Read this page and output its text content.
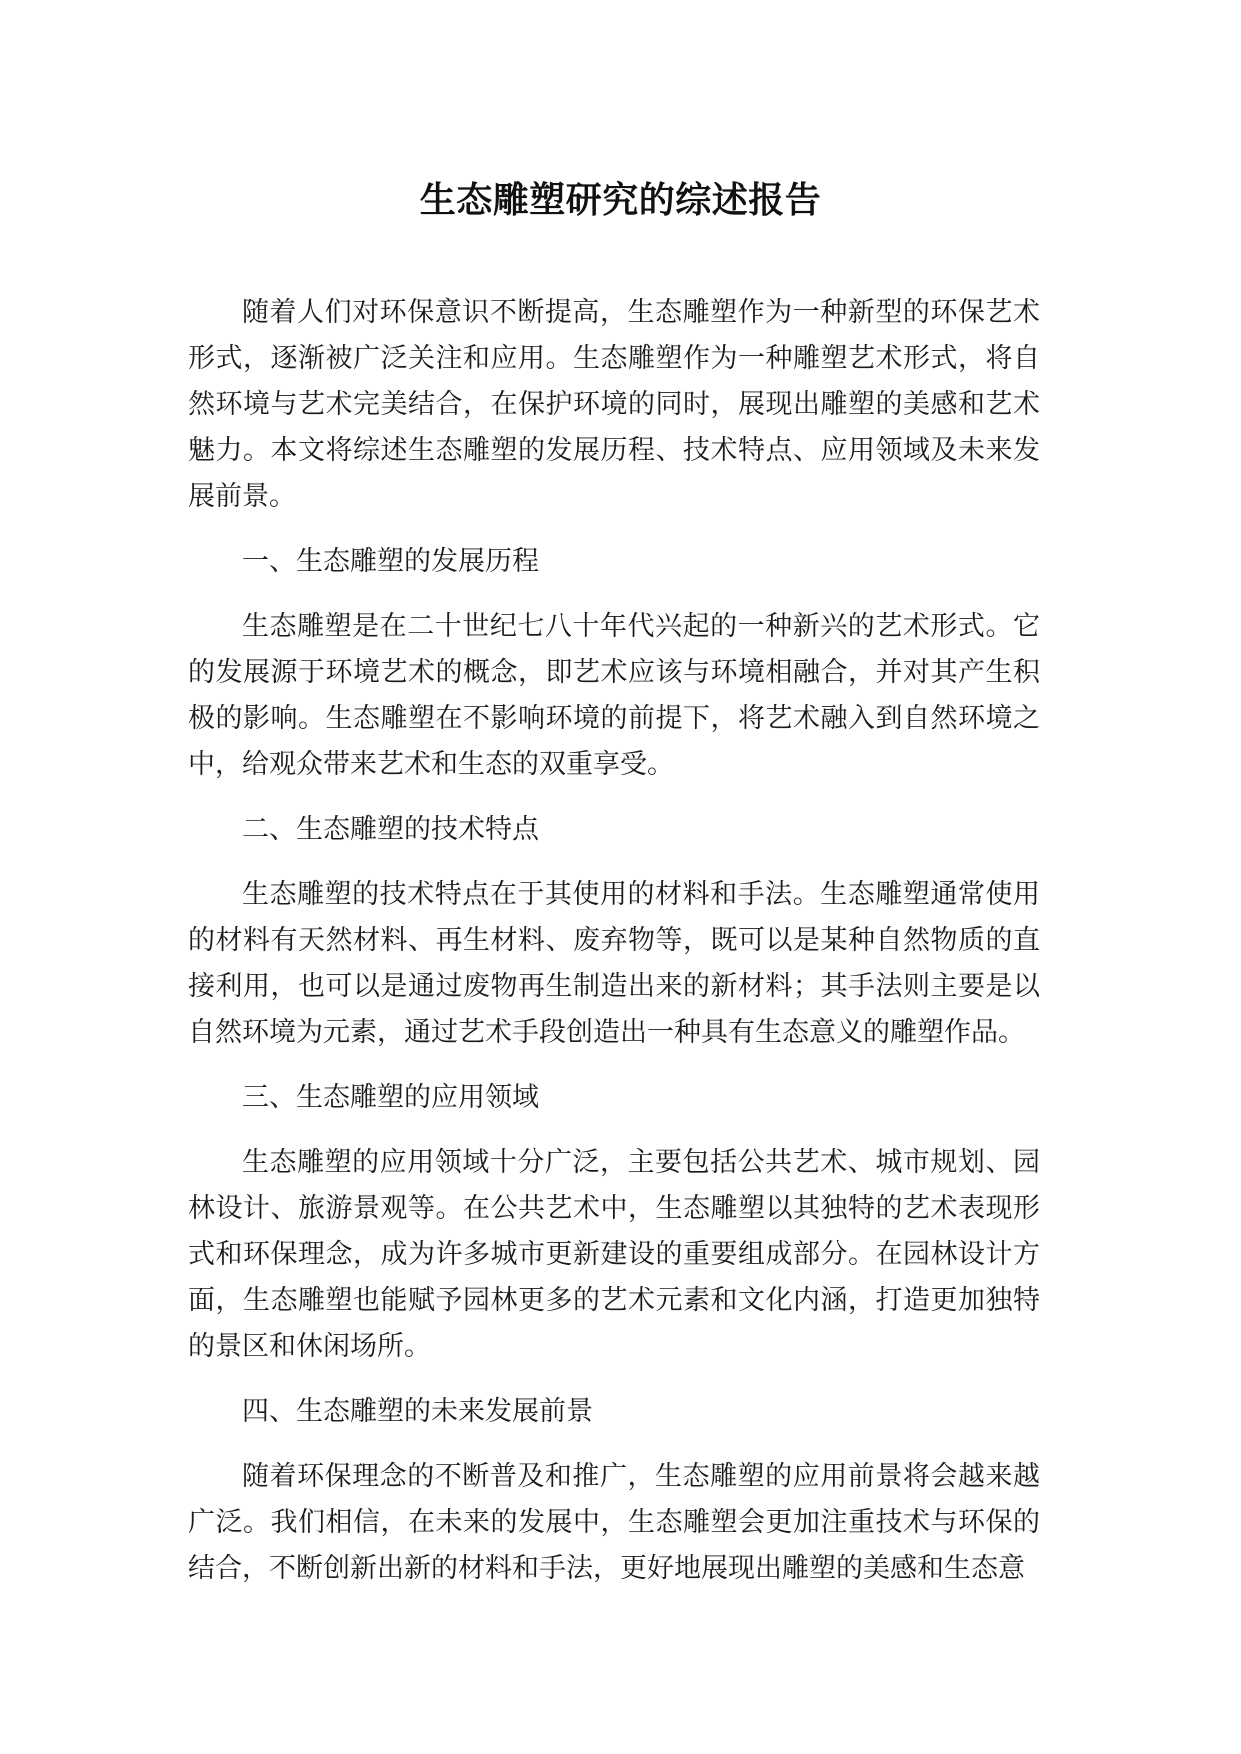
生态雕塑研究的综述报告

随着人们对环保意识不断提高，生态雕塑作为一种新型的环保艺术形式，逐渐被广泛关注和应用。生态雕塑作为一种雕塑艺术形式，将自然环境与艺术完美结合，在保护环境的同时，展现出雕塑的美感和艺术魅力。本文将综述生态雕塑的发展历程、技术特点、应用领域及未来发展前景。

一、生态雕塑的发展历程

生态雕塑是在二十世纪七八十年代兴起的一种新兴的艺术形式。它的发展源于环境艺术的概念，即艺术应该与环境相融合，并对其产生积极的影响。生态雕塑在不影响环境的前提下，将艺术融入到自然环境之中，给观众带来艺术和生态的双重享受。

二、生态雕塑的技术特点

生态雕塑的技术特点在于其使用的材料和手法。生态雕塑通常使用的材料有天然材料、再生材料、废弃物等，既可以是某种自然物质的直接利用，也可以是通过废物再生制造出来的新材料；其手法则主要是以自然环境为元素，通过艺术手段创造出一种具有生态意义的雕塑作品。

三、生态雕塑的应用领域

生态雕塑的应用领域十分广泛，主要包括公共艺术、城市规划、园林设计、旅游景观等。在公共艺术中，生态雕塑以其独特的艺术表现形式和环保理念，成为许多城市更新建设的重要组成部分。在园林设计方面，生态雕塑也能赋予园林更多的艺术元素和文化内涵，打造更加独特的景区和休闲场所。

四、生态雕塑的未来发展前景

随着环保理念的不断普及和推广，生态雕塑的应用前景将会越来越广泛。我们相信，在未来的发展中，生态雕塑会更加注重技术与环保的结合，不断创新出新的材料和手法，更好地展现出雕塑的美感和生态意
